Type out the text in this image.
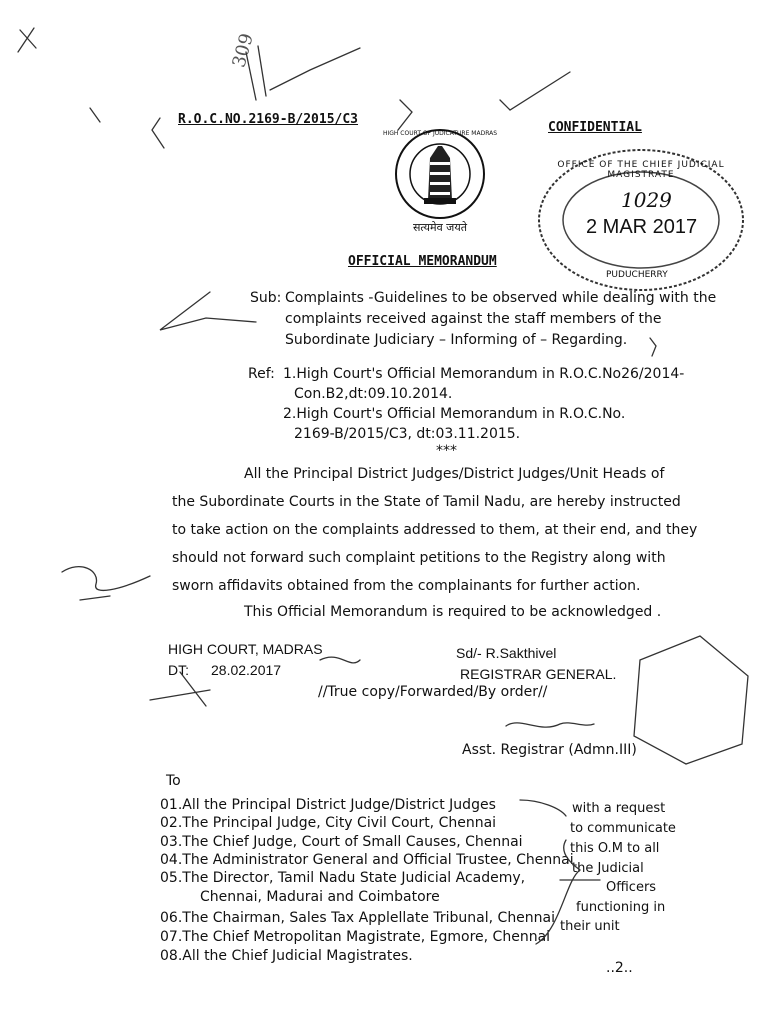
R.O.C.NO.2169-B/2015/C3
CONFIDENTIAL
309
HIGH COURT OF JUDICATURE MADRAS
सत्यमेव जयते
OFFICE OF THE CHIEF JUDICIAL MAGISTRATE
1029
2 MAR 2017
PUDUCHERRY
OFFICIAL MEMORANDUM
Sub: Complaints -Guidelines to be observed while dealing with the
complaints received against the staff members of the
Subordinate Judiciary – Informing of – Regarding.
Ref: 1.High Court's Official Memorandum in R.O.C.No26/2014-
Con.B2,dt:09.10.2014.
2.High Court's Official Memorandum in R.O.C.No.
2169-B/2015/C3, dt:03.11.2015.
***
All the Principal District Judges/District Judges/Unit Heads of
the Subordinate Courts in the State of Tamil Nadu, are hereby instructed
to take action on the complaints addressed to them, at their end, and they
should not forward such complaint petitions to the Registry along with
sworn affidavits obtained from the complainants for further action.
This Official Memorandum is required to be acknowledged .
HIGH COURT, MADRAS
DT: 28.02.2017
Sd/- R.Sakthivel
REGISTRAR GENERAL.
//True copy/Forwarded/By order//
Asst. Registrar (Admn.III)
To
01.All the Principal District Judge/District Judges
02.The Principal Judge, City Civil Court, Chennai
03.The Chief Judge, Court of Small Causes, Chennai
04.The Administrator General and Official Trustee, Chennai
05.The Director, Tamil Nadu State Judicial Academy,
Chennai, Madurai and Coimbatore
06.The Chairman, Sales Tax Applellate Tribunal, Chennai
07.The Chief Metropolitan Magistrate, Egmore, Chennai
08.All the Chief Judicial Magistrates.
with a request
to communicate
this O.M to all
the Judicial
Officers
functioning in
their unit
..2..
